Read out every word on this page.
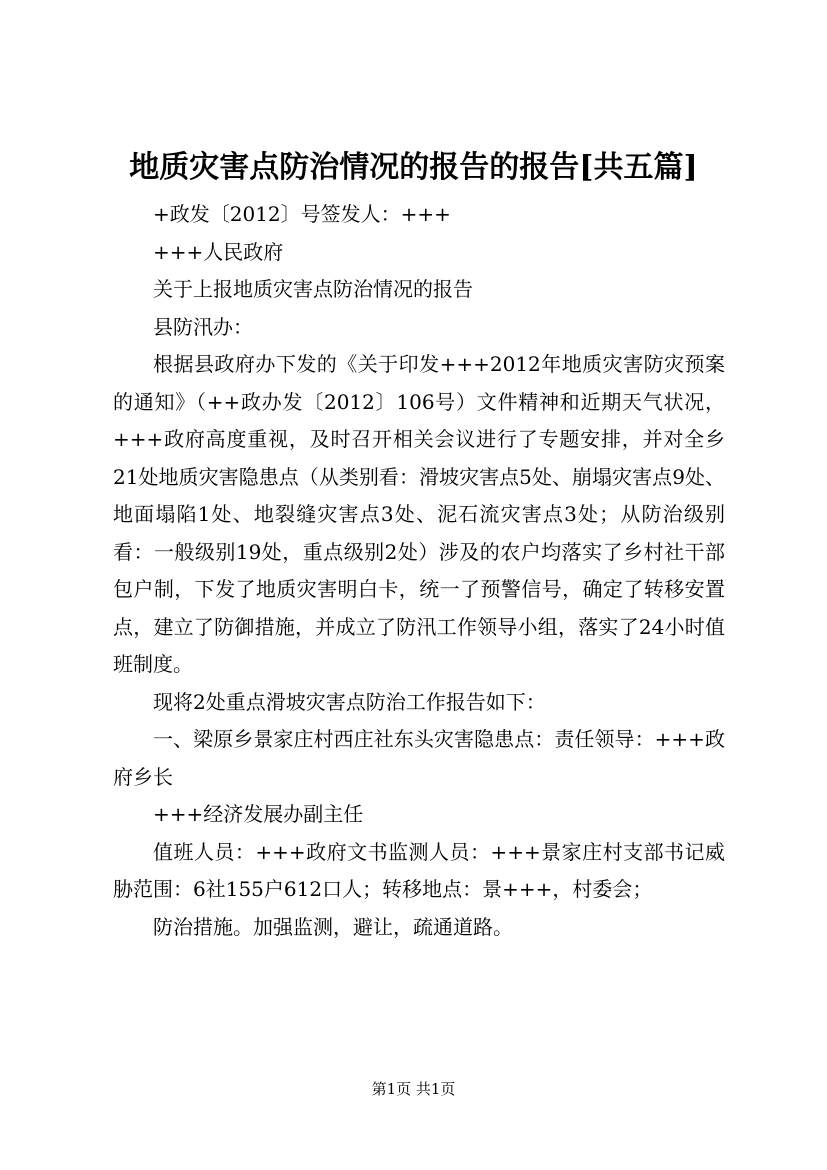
地质灾害点防治情况的报告的报告[共五篇]

+政发〔2012〕号签发人：+++

+++人民政府

关于上报地质灾害点防治情况的报告

县防汛办：

根据县政府办下发的《关于印发+++2012年地质灾害防灾预案的通知》（++政办发〔2012〕106号）文件精神和近期天气状况，+++政府高度重视，及时召开相关会议进行了专题安排，并对全乡21处地质灾害隐患点（从类别看：滑坡灾害点5处、崩塌灾害点9处、地面塌陷1处、地裂缝灾害点3处、泥石流灾害点3处；从防治级别看：一般级别19处，重点级别2处）涉及的农户均落实了乡村社干部包户制，下发了地质灾害明白卡，统一了预警信号，确定了转移安置点，建立了防御措施，并成立了防汛工作领导小组，落实了24小时值班制度。

现将2处重点滑坡灾害点防治工作报告如下：

一、梁原乡景家庄村西庄社东头灾害隐患点：责任领导：+++政府乡长

+++经济发展办副主任

值班人员：+++政府文书监测人员：+++景家庄村支部书记威胁范围：6社155户612口人；转移地点：景+++，村委会；

防治措施。加强监测，避让，疏通道路。

第1页 共1页
